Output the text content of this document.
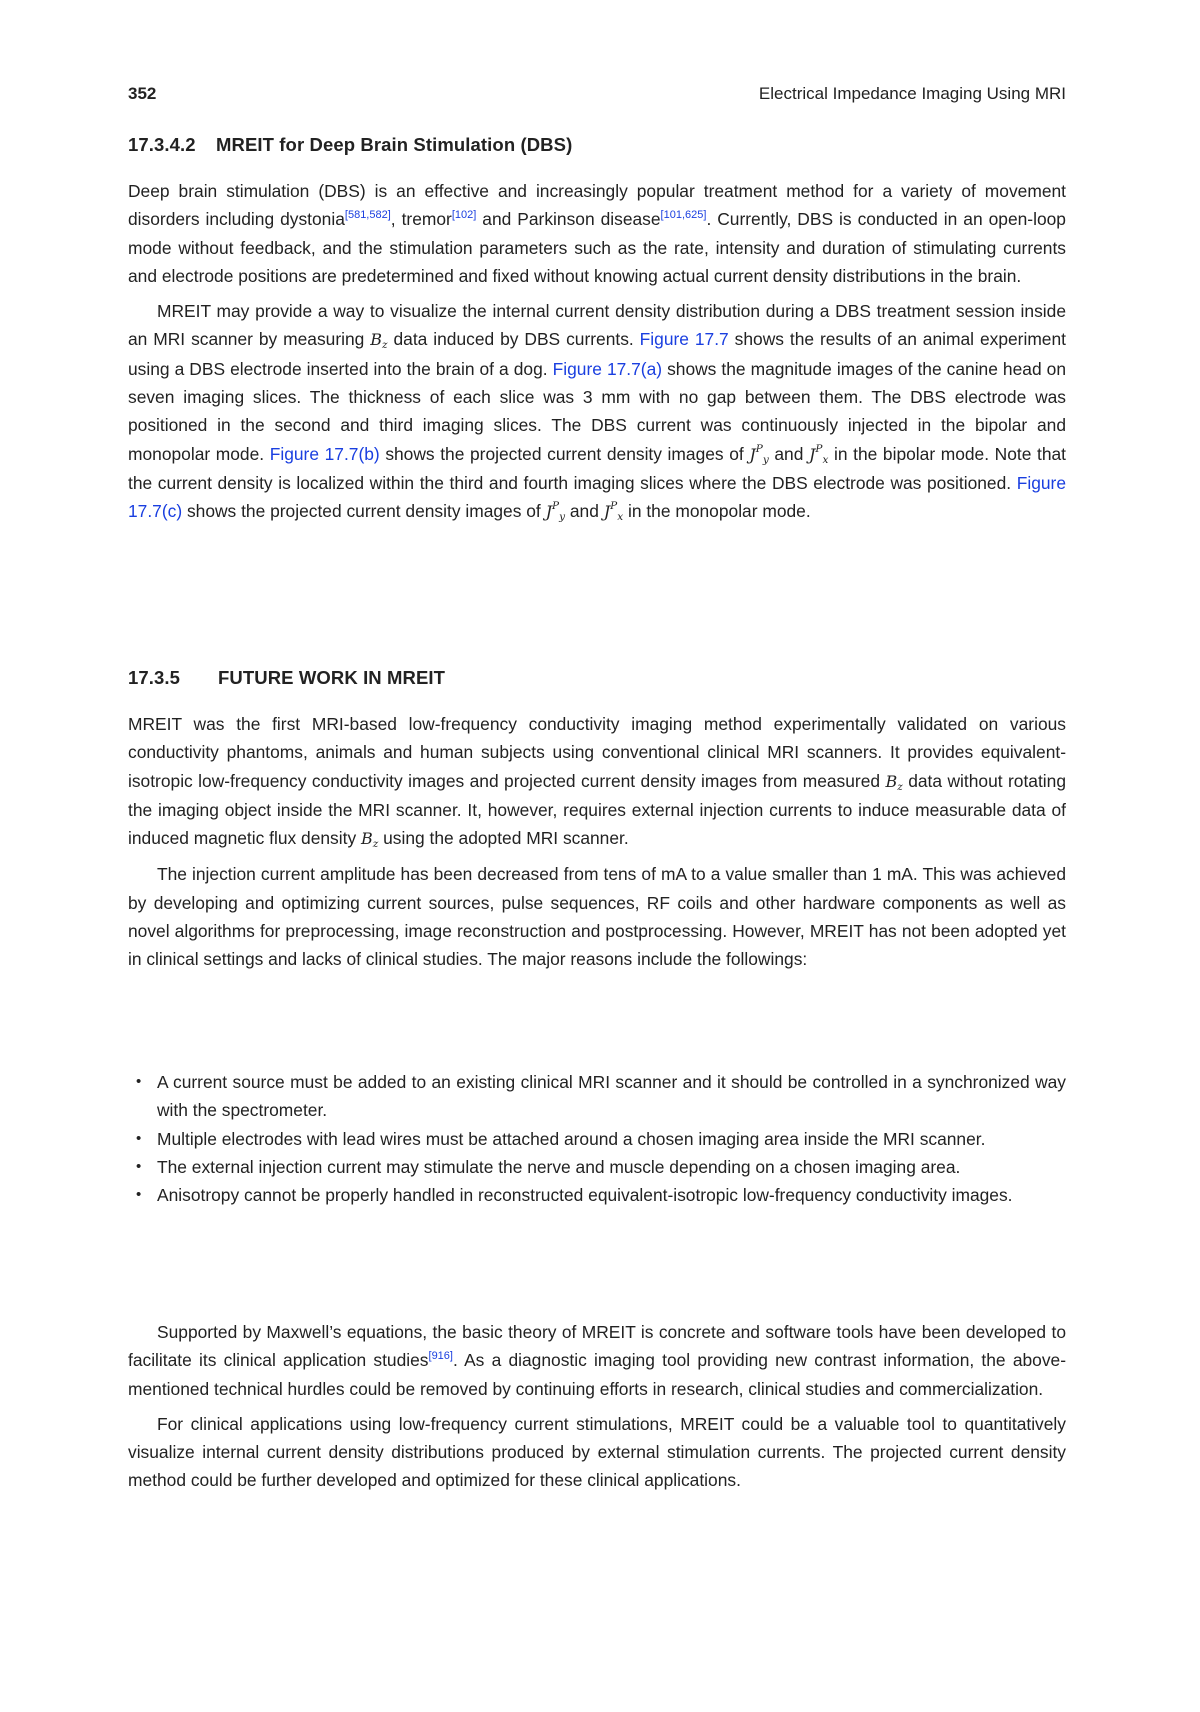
352	Electrical Impedance Imaging Using MRI
17.3.4.2 MREIT for Deep Brain Stimulation (DBS)

Deep brain stimulation (DBS) is an effective and increasingly popular treatment method for a variety of movement disorders including dystonia[581,582], tremor[102] and Parkinson disease[101,625]. Currently, DBS is conducted in an open-loop mode without feedback, and the stimulation parameters such as the rate, intensity and duration of stimulating currents and electrode positions are predetermined and fixed without knowing actual current density distributions in the brain.

MREIT may provide a way to visualize the internal current density distribution during a DBS treatment session inside an MRI scanner by measuring $B_z$ data induced by DBS currents. Figure 17.7 shows the results of an animal experiment using a DBS electrode inserted into the brain of a dog. Figure 17.7(a) shows the magnitude images of the canine head on seven imaging slices. The thickness of each slice was 3 mm with no gap between them. The DBS electrode was positioned in the second and third imaging slices. The DBS current was continuously injected in the bipolar and monopolar mode. Figure 17.7(b) shows the projected current density images of $J^P_y$ and $J^P_x$ in the bipolar mode. Note that the current density is localized within the third and fourth imaging slices where the DBS electrode was positioned. Figure 17.7(c) shows the projected current density images of $J^P_y$ and $J^P_x$ in the monopolar mode.

17.3.5 FUTURE WORK IN MREIT

MREIT was the first MRI-based low-frequency conductivity imaging method experimentally validated on various conductivity phantoms, animals and human subjects using conventional clinical MRI scanners. It provides equivalent-isotropic low-frequency conductivity images and projected current density images from measured $B_z$ data without rotating the imaging object inside the MRI scanner. It, however, requires external injection currents to induce measurable data of induced magnetic flux density $B_z$ using the adopted MRI scanner.

The injection current amplitude has been decreased from tens of mA to a value smaller than 1 mA. This was achieved by developing and optimizing current sources, pulse sequences, RF coils and other hardware components as well as novel algorithms for preprocessing, image reconstruction and postprocessing. However, MREIT has not been adopted yet in clinical settings and lacks of clinical studies. The major reasons include the followings:

• A current source must be added to an existing clinical MRI scanner and it should be controlled in a synchronized way with the spectrometer.
• Multiple electrodes with lead wires must be attached around a chosen imaging area inside the MRI scanner.
• The external injection current may stimulate the nerve and muscle depending on a chosen imaging area.
• Anisotropy cannot be properly handled in reconstructed equivalent-isotropic low-frequency conductivity images.

Supported by Maxwell’s equations, the basic theory of MREIT is concrete and software tools have been developed to facilitate its clinical application studies[916]. As a diagnostic imaging tool providing new contrast information, the above-mentioned technical hurdles could be removed by continuing efforts in research, clinical studies and commercialization.

For clinical applications using low-frequency current stimulations, MREIT could be a valuable tool to quantitatively visualize internal current density distributions produced by external stimulation currents. The projected current density method could be further developed and optimized for these clinical applications.
